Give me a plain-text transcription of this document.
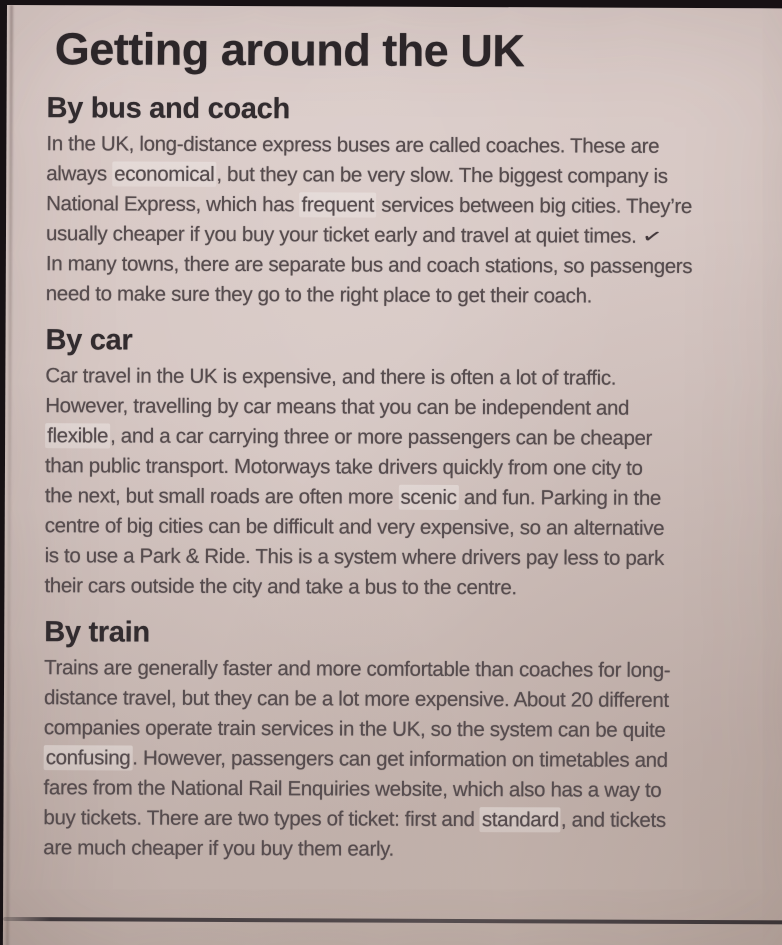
Getting around the UK
By bus and coach
In the UK, long-distance express buses are called coaches. These are
always economical, but they can be very slow. The biggest company is
National Express, which has frequent services between big cities. They’re
usually cheaper if you buy your ticket early and travel at quiet times. ✓
In many towns, there are separate bus and coach stations, so passengers
need to make sure they go to the right place to get their coach.
By car
Car travel in the UK is expensive, and there is often a lot of traffic.
However, travelling by car means that you can be independent and
flexible, and a car carrying three or more passengers can be cheaper
than public transport. Motorways take drivers quickly from one city to
the next, but small roads are often more scenic and fun. Parking in the
centre of big cities can be difficult and very expensive, so an alternative
is to use a Park & Ride. This is a system where drivers pay less to park
their cars outside the city and take a bus to the centre.
By train
Trains are generally faster and more comfortable than coaches for long-
distance travel, but they can be a lot more expensive. About 20 different
companies operate train services in the UK, so the system can be quite
confusing. However, passengers can get information on timetables and
fares from the National Rail Enquiries website, which also has a way to
buy tickets. There are two types of ticket: first and standard, and tickets
are much cheaper if you buy them early.
